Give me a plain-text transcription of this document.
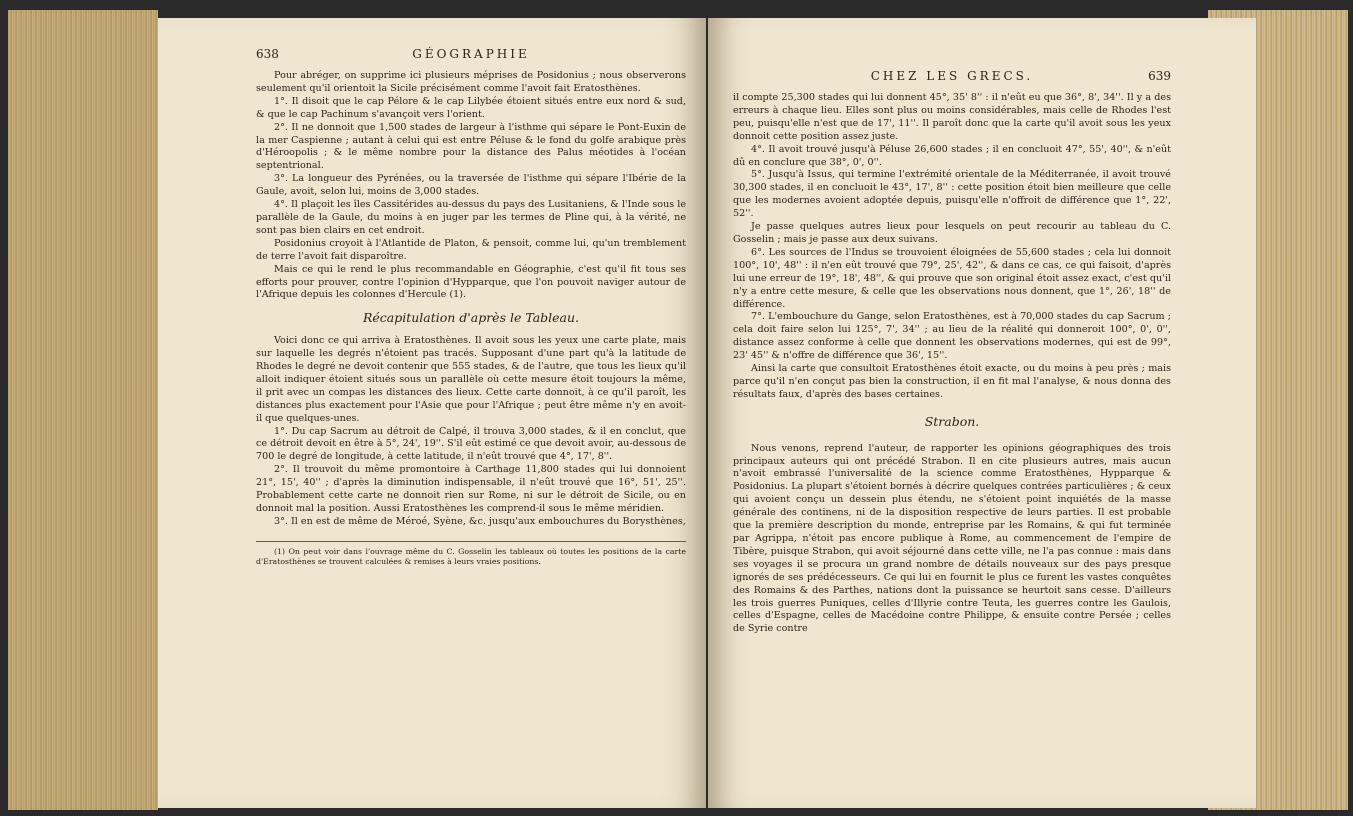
638	GÉOGRAPHIE

Pour abréger, on supprime ici plusieurs méprises de Posidonius ; nous observerons seulement qu'il orientoit la Sicile précisément comme l'avoit fait Eratosthènes.

1°. Il disoit que le cap Pélore & le cap Lilybée étoient situés entre eux nord & sud, & que le cap Pachinum s'avançoit vers l'orient.

2°. Il ne donnoit que 1,500 stades de largeur à l'isthme qui sépare le Pont-Euxin de la mer Caspienne ; autant à celui qui est entre Péluse & le fond du golfe arabique près d'Héroopolis ; & le même nombre pour la distance des Palus méotides à l'océan septentrional.

3°. La longueur des Pyrénées, ou la traversée de l'isthme qui sépare l'Ibérie de la Gaule, avoit, selon lui, moins de 3,000 stades.

4°. Il plaçoit les îles Cassitérides au-dessus du pays des Lusitaniens, & l'Inde sous le parallèle de la Gaule, du moins à en juger par les termes de Pline qui, à la vérité, ne sont pas bien clairs en cet endroit.

Posidonius croyoit à l'Atlantide de Platon, & pensoit, comme lui, qu'un tremblement de terre l'avoit fait disparoître.

Mais ce qui le rend le plus recommandable en Géographie, c'est qu'il fit tous ses efforts pour prouver, contre l'opinion d'Hypparque, que l'on pouvoit naviger autour de l'Afrique depuis les colonnes d'Hercule (1).

Récapitulation d'après le Tableau.

Voici donc ce qui arriva à Eratosthènes. Il avoit sous les yeux une carte plate, mais sur laquelle les degrés n'étoient pas tracés. Supposant d'une part qu'à la latitude de Rhodes le degré ne devoit contenir que 555 stades, & de l'autre, que tous les lieux qu'il alloit indiquer étoient situés sous un parallèle où cette mesure étoit toujours la même, il prit avec un compas les distances des lieux. Cette carte donnoit, à ce qu'il paroît, les distances plus exactement pour l'Asie que pour l'Afrique ; peut être même n'y en avoit-il que quelques-unes.

1°. Du cap Sacrum au détroit de Calpé, il trouva 3,000 stades, & il en conclut, que ce détroit devoit en être à 5°, 24', 19''. S'il eût estimé ce que devoit avoir, au-dessous de 700 le degré de longitude, à cette latitude, il n'eût trouvé que 4°, 17', 8''.

2°. Il trouvoit du même promontoire à Carthage 11,800 stades qui lui donnoient 21°, 15', 40'' ; d'après la diminution indispensable, il n'eût trouvé que 16°, 51', 25''. Probablement cette carte ne donnoit rien sur Rome, ni sur le détroit de Sicile, ou en donnoit mal la position. Aussi Eratosthènes les comprend-il sous le même méridien.

3°. Il en est de même de Méroé, Syène, &c. jusqu'aux embouchures du Borysthènes,

(1) On peut voir dans l'ouvrage même du C. Gosselin les tableaux où toutes les positions de la carte d'Eratosthènes se trouvent calculées & remises à leurs vraies positions.

CHEZ LES GRECS.	639

il compte 25,300 stades qui lui donnent 45°, 35' 8'' : il n'eût eu que 36°, 8', 34''. Il y a des erreurs à chaque lieu. Elles sont plus ou moins considérables, mais celle de Rhodes l'est peu, puisqu'elle n'est que de 17', 11''. Il paroît donc que la carte qu'il avoit sous les yeux donnoit cette position assez juste.

4°. Il avoit trouvé jusqu'à Péluse 26,600 stades ; il en concluoit 47°, 55', 40'', & n'eût dû en conclure que 38°, 0', 0''.

5°. Jusqu'à Issus, qui termine l'extrémité orientale de la Méditerranée, il avoit trouvé 30,300 stades, il en concluoit le 43°, 17', 8'' : cette position étoit bien meilleure que celle que les modernes avoient adoptée depuis, puisqu'elle n'offroit de différence que 1°, 22', 52''.

Je passe quelques autres lieux pour lesquels on peut recourir au tableau du C. Gosselin ; mais je passe aux deux suivans.

6°. Les sources de l'Indus se trouvoient éloignées de 55,600 stades ; cela lui donnoit 100°, 10', 48'' : il n'en eût trouvé que 79°, 25', 42'', & dans ce cas, ce qui faisoit, d'après lui une erreur de 19°, 18', 48'', & qui prouve que son original étoit assez exact, c'est qu'il n'y a entre cette mesure, & celle que les observations nous donnent, que 1°, 26', 18'' de différence.

7°. L'embouchure du Gange, selon Eratosthènes, est à 70,000 stades du cap Sacrum ; cela doit faire selon lui 125°, 7', 34'' ; au lieu de la réalité qui donneroit 100°, 0', 0'', distance assez conforme à celle que donnent les observations modernes, qui est de 99°, 23' 45'' & n'offre de différence que 36', 15''.

Ainsi la carte que consultoit Eratosthènes étoit exacte, ou du moins à peu près ; mais parce qu'il n'en conçut pas bien la construction, il en fit mal l'analyse, & nous donna des résultats faux, d'après des bases certaines.

Strabon.

Nous venons, reprend l'auteur, de rapporter les opinions géographiques des trois principaux auteurs qui ont précédé Strabon. Il en cite plusieurs autres, mais aucun n'avoit embrassé l'universalité de la science comme Eratosthènes, Hypparque & Posidonius. La plupart s'étoient bornés à décrire quelques contrées particulières ; & ceux qui avoient conçu un dessein plus étendu, ne s'étoient point inquiétés de la masse générale des continens, ni de la disposition respective de leurs parties. Il est probable que la première description du monde, entreprise par les Romains, & qui fut terminée par Agrippa, n'étoit pas encore publique à Rome, au commencement de l'empire de Tibère, puisque Strabon, qui avoit séjourné dans cette ville, ne l'a pas connue : mais dans ses voyages il se procura un grand nombre de détails nouveaux sur des pays presque ignorés de ses prédécesseurs. Ce qui lui en fournit le plus ce furent les vastes conquêtes des Romains & des Parthes, nations dont la puissance se heurtoit sans cesse. D'ailleurs les trois guerres Puniques, celles d'Illyrie contre Teuta, les guerres contre les Gaulois, celles d'Espagne, celles de Macédoine contre Philippe, & ensuite contre Persée ; celles de Syrie contre
